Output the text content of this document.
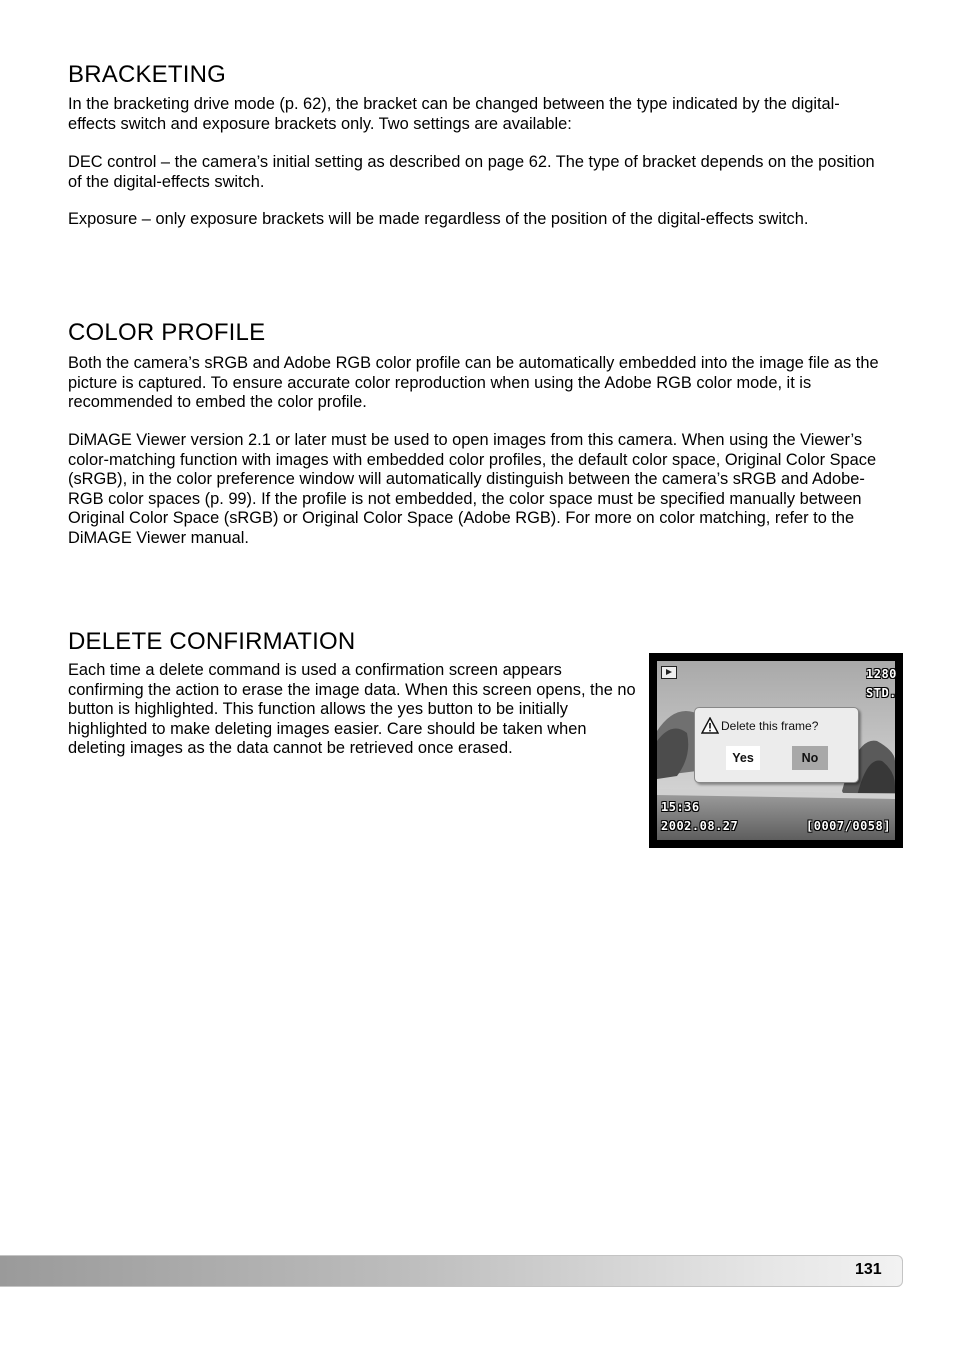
BRACKETING

In the bracketing drive mode (p. 62), the bracket can be changed between the type indicated by the digital-effects switch and exposure brackets only. Two settings are available:

DEC control – the camera’s initial setting as described on page 62. The type of bracket depends on the position of the digital-effects switch.

Exposure – only exposure brackets will be made regardless of the position of the digital-effects switch.

COLOR PROFILE

Both the camera’s sRGB and Adobe RGB color profile can be automatically embedded into the image file as the picture is captured. To ensure accurate color reproduction when using the Adobe RGB color mode, it is recommended to embed the color profile.

DiMAGE Viewer version 2.1 or later must be used to open images from this camera. When using the Viewer’s color-matching function with images with embedded color profiles, the default color space, Original Color Space (sRGB), in the color preference window will automatically distinguish between the camera’s sRGB and Adobe-RGB color spaces (p. 99). If the profile is not embedded, the color space must be specified manually between Original Color Space (sRGB) or Original Color Space (Adobe RGB). For more on color matching, refer to the DiMAGE Viewer manual.

DELETE CONFIRMATION

Each time a delete command is used a confirmation screen appears confirming the action to erase the image data. When this screen opens, the no button is highlighted. This function allows the yes button to be initially highlighted to make deleting images easier. Care should be taken when deleting images as the data cannot be retrieved once erased.

1280
STD.
Delete this frame?
Yes	No
15:36
2002.08.27	[0007/0058]
131
